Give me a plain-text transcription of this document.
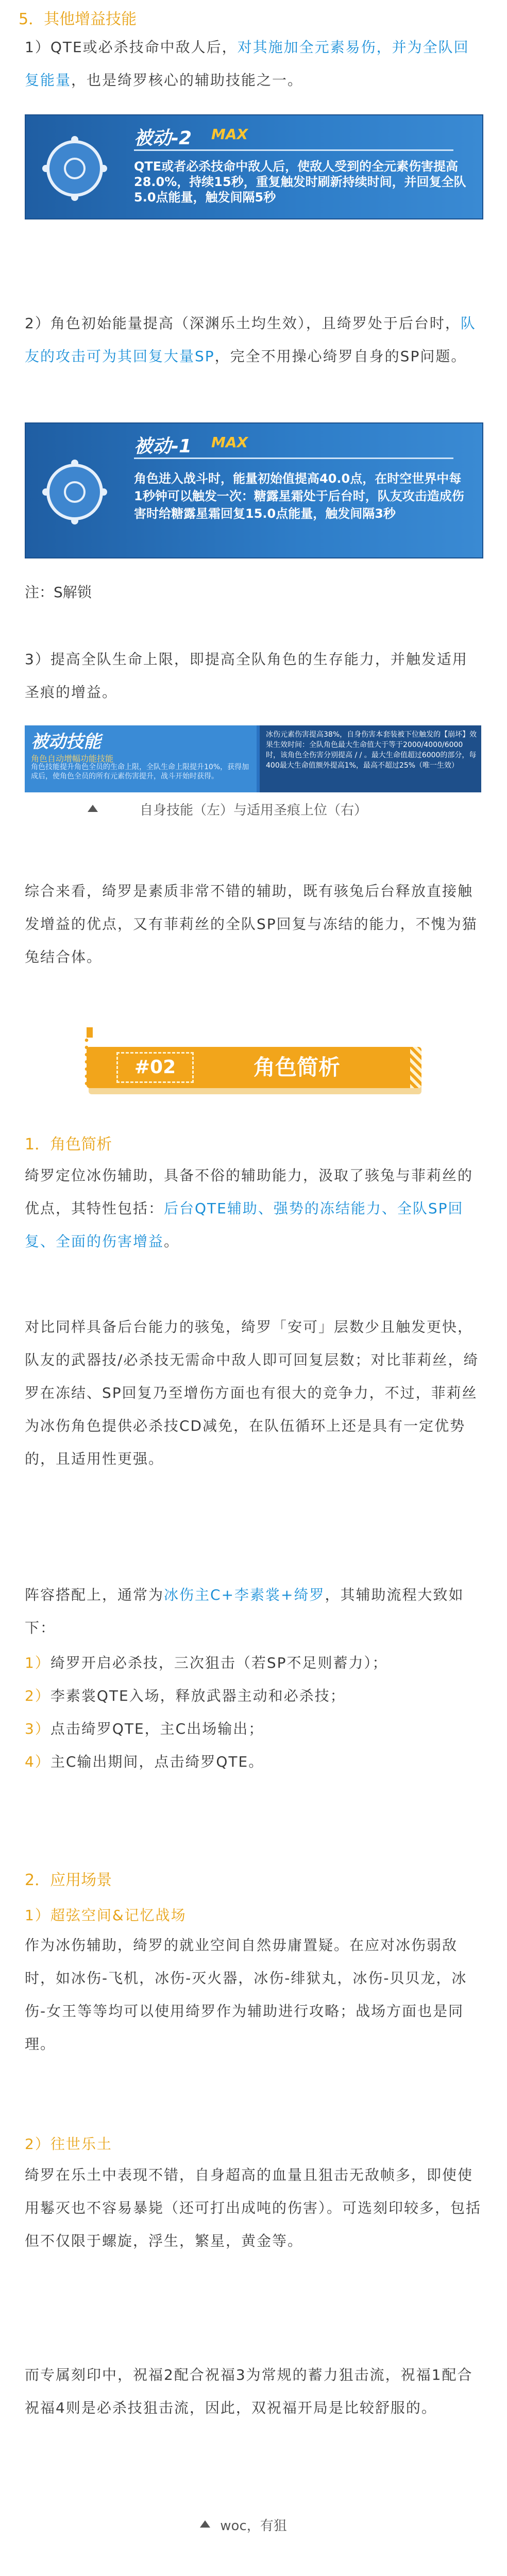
5．其他增益技能
1）QTE或必杀技命中敌人后，对其施加全元素易伤，并为全队回复能量，也是绮罗核心的辅助技能之一。
被动-2 MAX
QTE或者必杀技命中敌人后，使敌人受到的全元素伤害提高28.0%，持续15秒，重复触发时刷新持续时间，并回复全队5.0点能量，触发间隔5秒
2）角色初始能量提高（深渊乐土均生效），且绮罗处于后台时，队友的攻击可为其回复大量SP，完全不用操心绮罗自身的SP问题。
被动-1 MAX
角色进入战斗时，能量初始值提高40.0点，在时空世界中每1秒钟可以触发一次：糖露星霜处于后台时，队友攻击造成伤害时给糖露星霜回复15.0点能量，触发间隔3秒
注：S解锁
3）提高全队生命上限，即提高全队角色的生存能力，并触发适用圣痕的增益。
被动技能
角色自动增幅功能技能
角色技能提升角色全员的生命上限，全队生命上限提升10%，获得加成后，使角色全员的所有元素伤害提升，战斗开始时获得。
冰伤元素伤害提高38%，自身伤害本套装被下位触发的【崩坏】效果生效时间：全队角色最大生命值大于等于2000/4000/6000时，该角色全伤害分别提高 / / 。最大生命值超过6000的部分，每400最大生命值额外提高1%，最高不超过25%（唯一生效）
自身技能（左）与适用圣痕上位（右）
综合来看，绮罗是素质非常不错的辅助，既有骇兔后台释放直接触发增益的优点，又有菲莉丝的全队SP回复与冻结的能力，不愧为猫兔结合体。
#02	角色简析
1．角色简析
绮罗定位冰伤辅助，具备不俗的辅助能力，汲取了骇兔与菲莉丝的优点，其特性包括：后台QTE辅助、强势的冻结能力、全队SP回复、全面的伤害增益。
对比同样具备后台能力的骇兔，绮罗「安可」层数少且触发更快，队友的武器技/必杀技无需命中敌人即可回复层数；对比菲莉丝，绮罗在冻结、SP回复乃至增伤方面也有很大的竞争力，不过，菲莉丝为冰伤角色提供必杀技CD减免，在队伍循环上还是具有一定优势的，且适用性更强。
阵容搭配上，通常为冰伤主C+李素裳+绮罗，其辅助流程大致如下：
1）绮罗开启必杀技，三次狙击（若SP不足则蓄力）；
2）李素裳QTE入场，释放武器主动和必杀技；
3）点击绮罗QTE，主C出场输出；
4）主C输出期间，点击绮罗QTE。
2．应用场景
1）超弦空间&记忆战场
作为冰伤辅助，绮罗的就业空间自然毋庸置疑。在应对冰伤弱敌时，如冰伤-飞机，冰伤-灭火器，冰伤-绯狱丸，冰伤-贝贝龙，冰伤-女王等等均可以使用绮罗作为辅助进行攻略；战场方面也是同理。
2）往世乐土
绮罗在乐土中表现不错，自身超高的血量且狙击无敌帧多，即使使用鬈灭也不容易暴毙（还可打出成吨的伤害）。可选刻印较多，包括但不仅限于螺旋，浮生，繁星，黄金等。
而专属刻印中，祝福2配合祝福3为常规的蓄力狙击流，祝福1配合祝福4则是必杀技狙击流，因此，双祝福开局是比较舒服的。
woc，有狙
